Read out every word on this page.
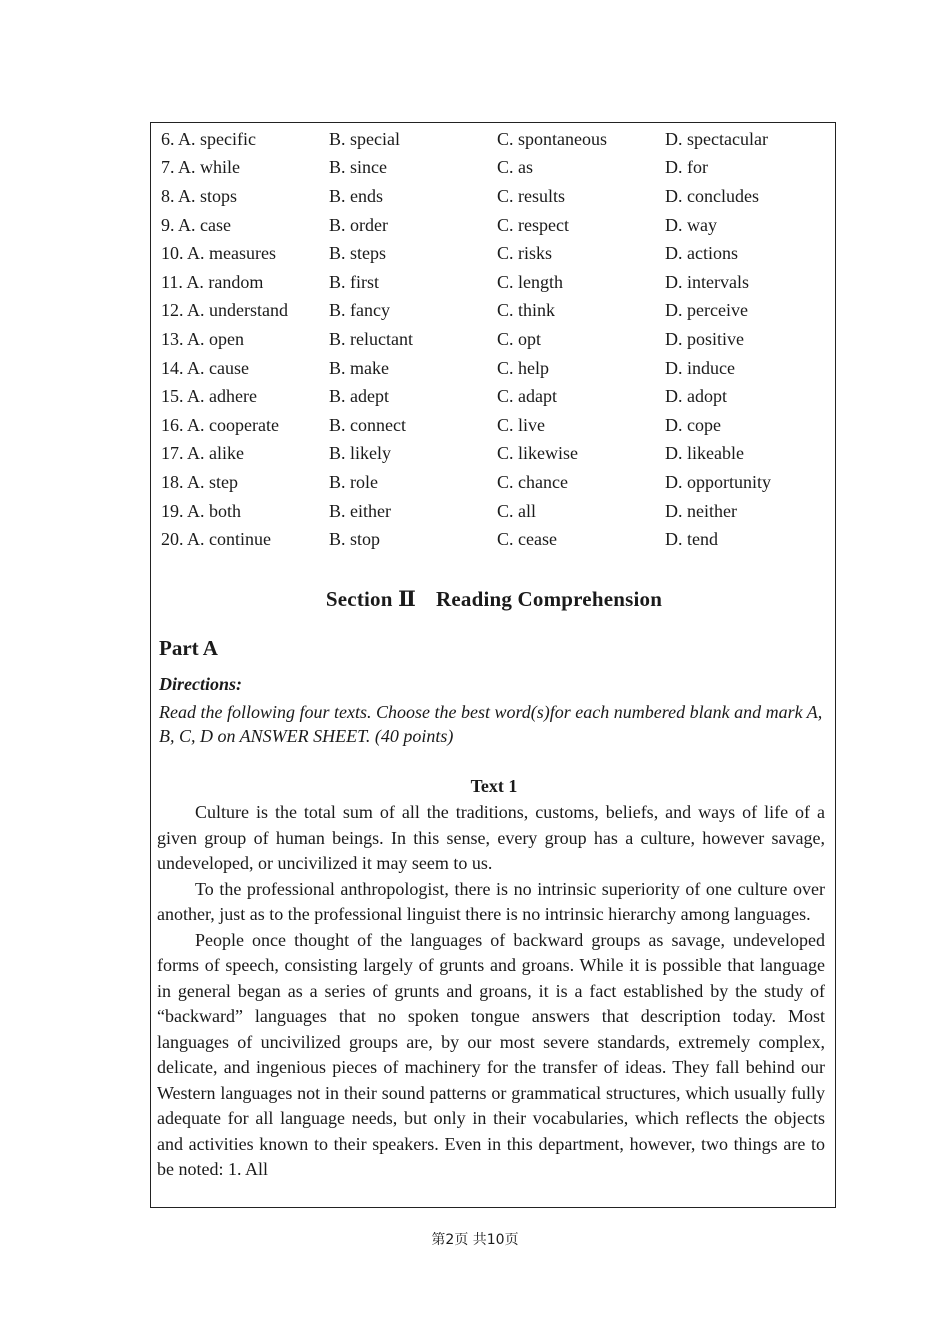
6. A. specific	B. special	C. spontaneous	D. spectacular
7. A. while	B. since	C. as	D. for
8. A. stops	B. ends	C. results	D. concludes
9. A. case	B. order	C. respect	D. way
10. A. measures	B. steps	C. risks	D. actions
11. A. random	B. first	C. length	D. intervals
12. A. understand	B. fancy	C. think	D. perceive
13. A. open	B. reluctant	C. opt	D. positive
14. A. cause	B. make	C. help	D. induce
15. A. adhere	B. adept	C. adapt	D. adopt
16. A. cooperate	B. connect	C. live	D. cope
17. A. alike	B. likely	C. likewise	D. likeable
18. A. step	B. role	C. chance	D. opportunity
19. A. both	B. either	C. all	D. neither
20. A. continue	B. stop	C. cease	D. tend
Section Ⅱ Reading Comprehension
Part A
Directions:
Read the following four texts. Choose the best word(s)for each numbered blank and mark A, B, C, D on ANSWER SHEET. (40 points)
Text 1

Culture is the total sum of all the traditions, customs, beliefs, and ways of life of a given group of human beings. In this sense, every group has a culture, however savage, undeveloped, or uncivilized it may seem to us.

To the professional anthropologist, there is no intrinsic superiority of one culture over another, just as to the professional linguist there is no intrinsic hierarchy among languages.

People once thought of the languages of backward groups as savage, undeveloped forms of speech, consisting largely of grunts and groans. While it is possible that language in general began as a series of grunts and groans, it is a fact established by the study of “backward” languages that no spoken tongue answers that description today. Most languages of uncivilized groups are, by our most severe standards, extremely complex, delicate, and ingenious pieces of machinery for the transfer of ideas. They fall behind our Western languages not in their sound patterns or grammatical structures, which usually fully adequate for all language needs, but only in their vocabularies, which reflects the objects and activities known to their speakers. Even in this department, however, two things are to be noted: 1. All

第2页 共10页
